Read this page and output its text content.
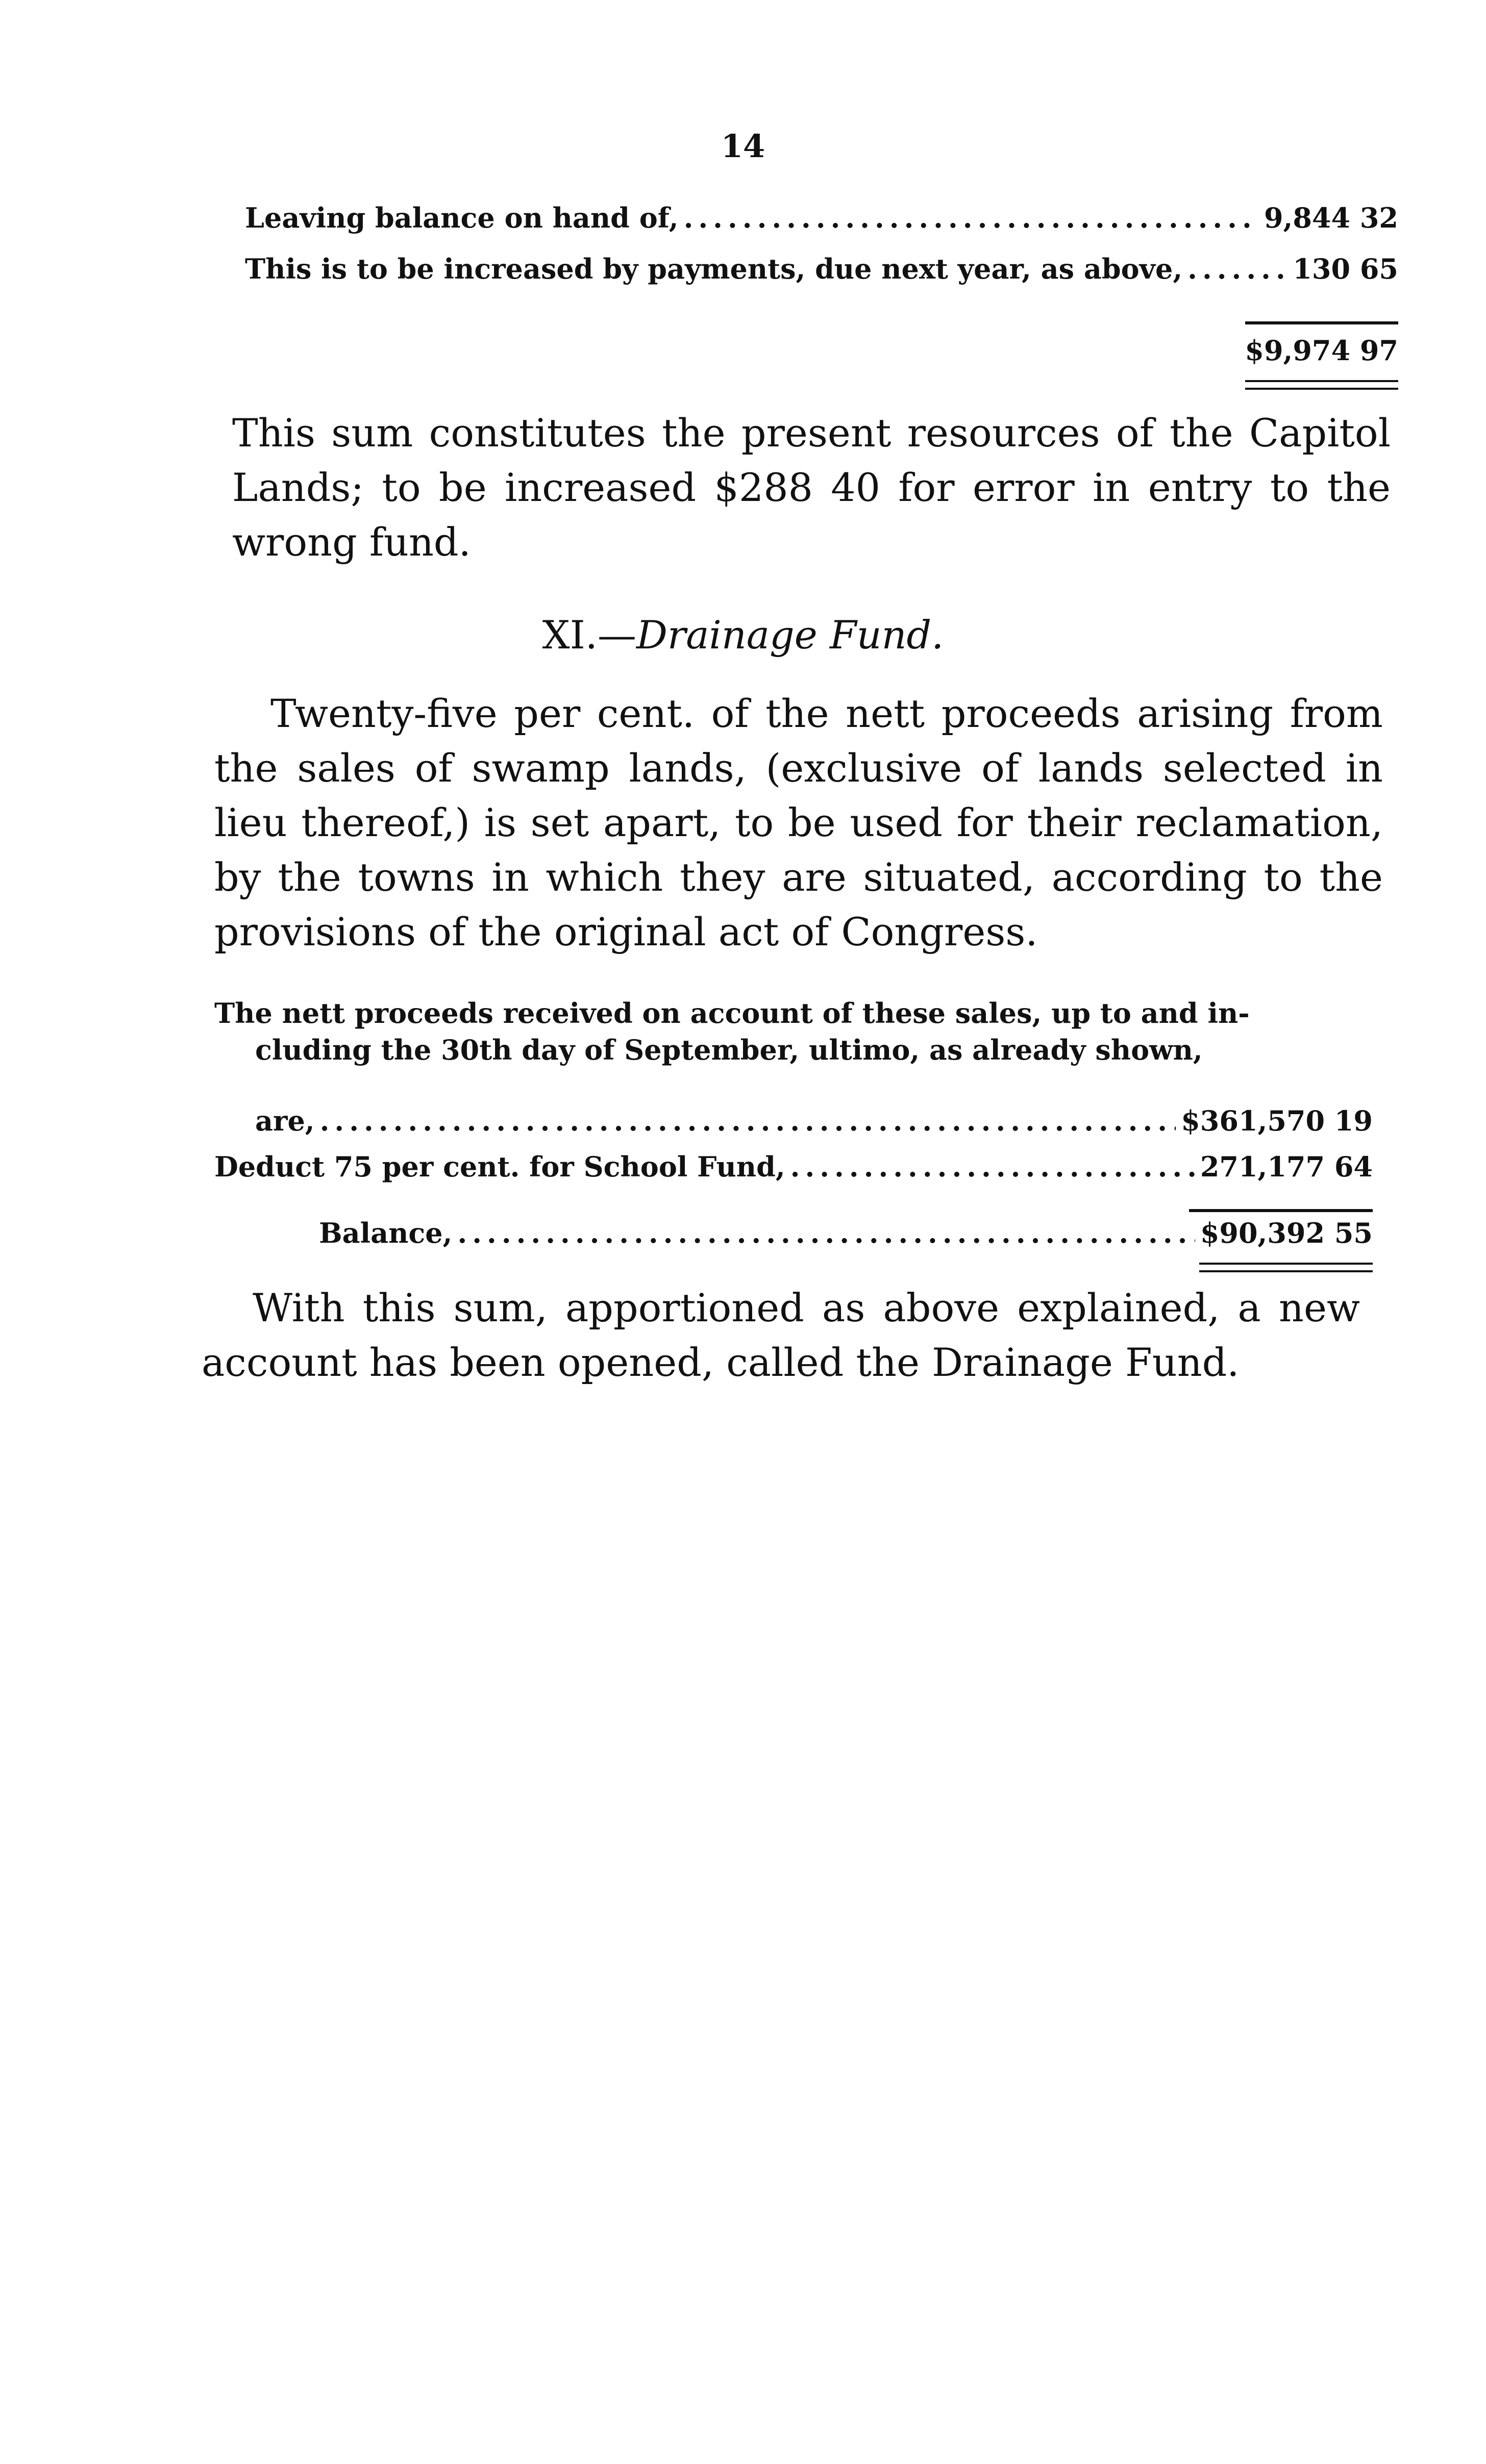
14
Leaving balance on hand of, .....	9,844 32
This is to be increased by payments, due next year, as above, .....	130 65
$9,974 97

This sum constitutes the present resources of the Capitol Lands; to be increased $288 40 for error in entry to the wrong fund.

XI.—Drainage Fund.

Twenty-five per cent. of the nett proceeds arising from the sales of swamp lands, (exclusive of lands selected in lieu thereof,) is set apart, to be used for their reclamation, by the towns in which they are situated, according to the provisions of the original act of Congress.

The nett proceeds received on account of these sales, up to and in-
cluding the 30th day of September, ultimo, as already shown,
are, .....	$361,570 19
Deduct 75 per cent. for School Fund, .....	271,177 64
Balance, .....	$90,392 55

With this sum, apportioned as above explained, a new account has been opened, called the Drainage Fund.
